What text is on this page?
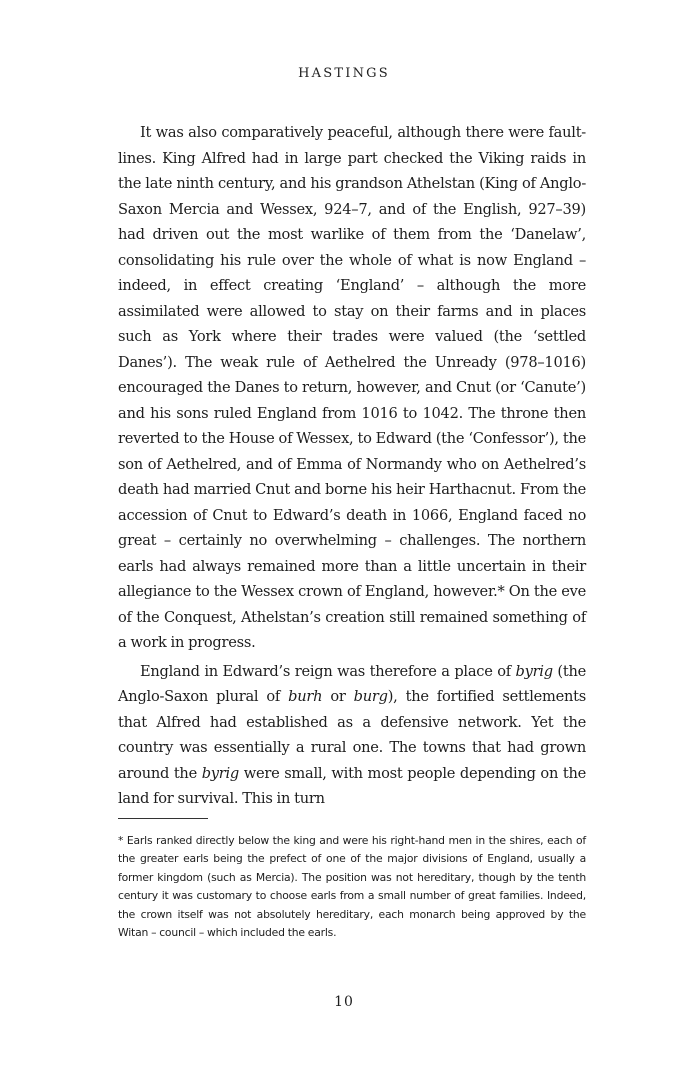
HASTINGS

It was also comparatively peaceful, although there were fault-lines. King Alfred had in large part checked the Viking raids in the late ninth century, and his grandson Athelstan (King of Anglo-Saxon Mercia and Wessex, 924–7, and of the English, 927–39) had driven out the most warlike of them from the ‘Danelaw’, consolidating his rule over the whole of what is now England – indeed, in effect creating ‘England’ – although the more assimilated were allowed to stay on their farms and in places such as York where their trades were valued (the ‘settled Danes’). The weak rule of Aethelred the Unready (978–1016) encouraged the Danes to return, however, and Cnut (or ‘Canute’) and his sons ruled England from 1016 to 1042. The throne then reverted to the House of Wessex, to Edward (the ‘Confessor’), the son of Aethelred, and of Emma of Normandy who on Aethelred’s death had married Cnut and borne his heir Harthacnut. From the accession of Cnut to Edward’s death in 1066, England faced no great – certainly no overwhelming – challenges. The northern earls had always remained more than a little uncertain in their allegiance to the Wessex crown of England, however.* On the eve of the Conquest, Athelstan’s creation still remained something of a work in progress.

England in Edward’s reign was therefore a place of byrig (the Anglo-Saxon plural of burh or burg), the fortified settlements that Alfred had established as a defensive network. Yet the country was essentially a rural one. The towns that had grown around the byrig were small, with most people depending on the land for survival. This in turn

* Earls ranked directly below the king and were his right-hand men in the shires, each of the greater earls being the prefect of one of the major divisions of England, usually a former kingdom (such as Mercia). The position was not hereditary, though by the tenth century it was customary to choose earls from a small number of great families. Indeed, the crown itself was not absolutely hereditary, each monarch being approved by the Witan – council – which included the earls.

10
